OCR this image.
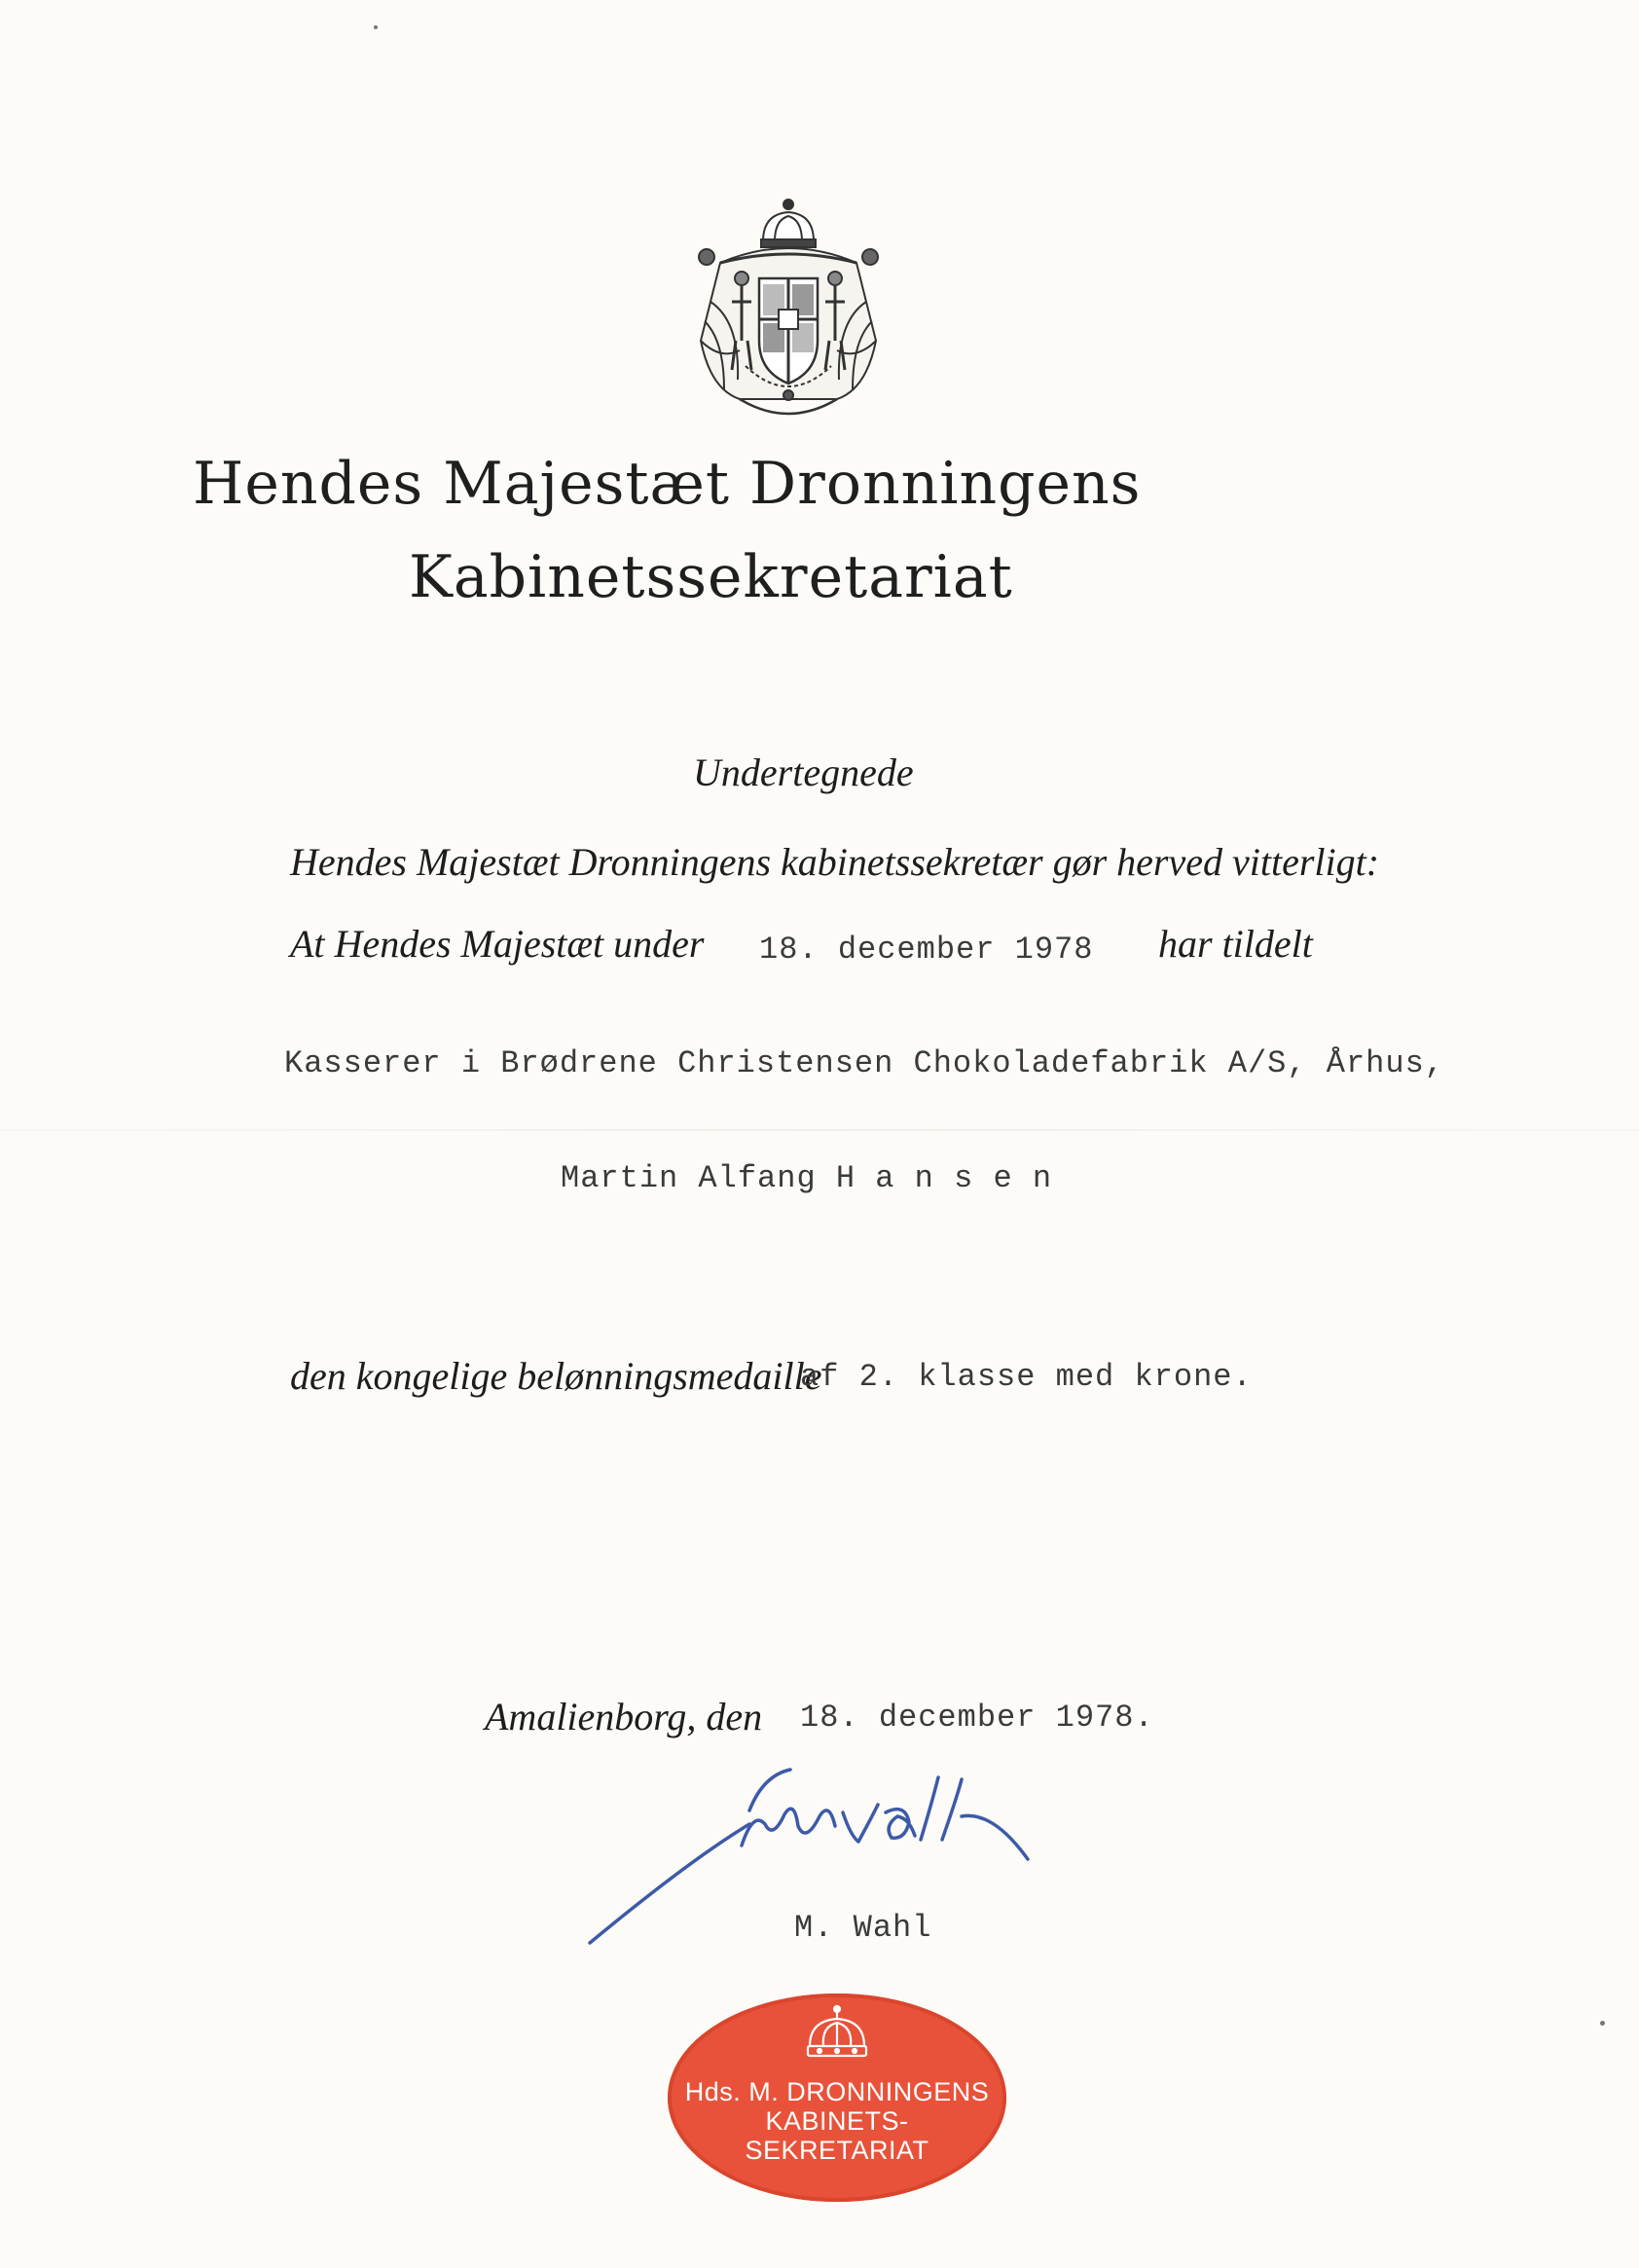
Hendes Majestæt Dronningens
Kabinetssekretariat
Undertegnede
Hendes Majestæt Dronningens kabinetssekretær gør herved vitterligt:
At Hendes Majestæt under 18. december 1978 har tildelt
Kasserer i Brødrene Christensen Chokoladefabrik A/S, Århus,
Martin Alfang H a n s e n
den kongelige belønningsmedaille
af 2. klasse med krone.
Amalienborg, den 18. december 1978.
M. Wahl
Hds. M. DRONNINGENS
KABINETS-
SEKRETARIAT
